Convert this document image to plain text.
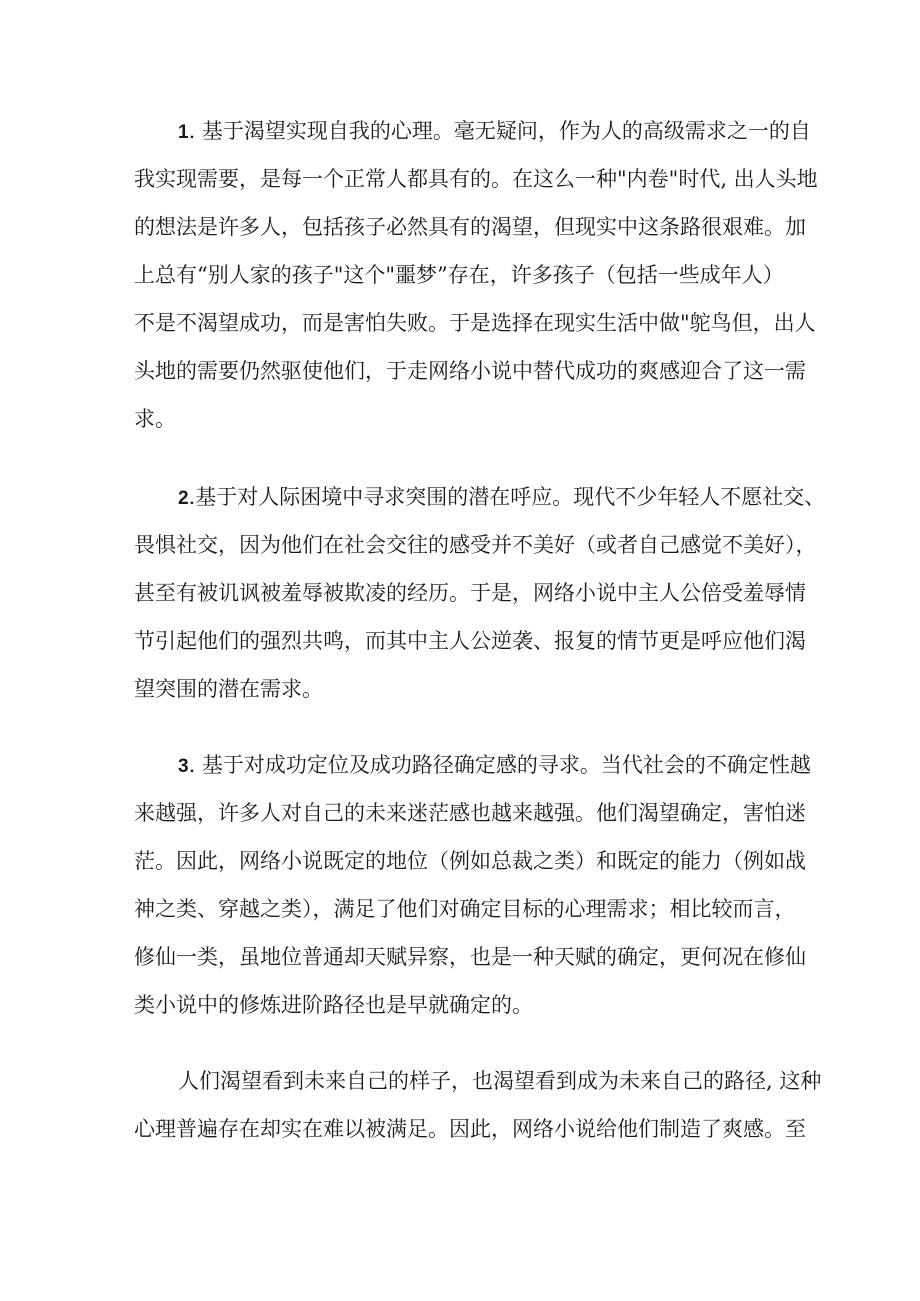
1. 基于渴望实现自我的心理。毫无疑问，作为人的高级需求之一的自
我实现需要，是每一个正常人都具有的。在这么一种"内卷"时代, 出人头地
的想法是许多人，包括孩子必然具有的渴望，但现实中这条路很艰难。加
上总有“别人家的孩子"这个"噩梦”存在，许多孩子（包括一些成年人）
不是不渴望成功，而是害怕失败。于是选择在现实生活中做"鸵鸟但，出人
头地的需要仍然驱使他们，于走网络小说中替代成功的爽感迎合了这一需
求。
2.基于对人际困境中寻求突围的潜在呼应。现代不少年轻人不愿社交、
畏惧社交，因为他们在社会交往的感受并不美好（或者自己感觉不美好），
甚至有被讥讽被羞辱被欺凌的经历。于是，网络小说中主人公倍受羞辱情
节引起他们的强烈共鸣，而其中主人公逆袭、报复的情节更是呼应他们渴
望突围的潜在需求。
3. 基于对成功定位及成功路径确定感的寻求。当代社会的不确定性越
来越强，许多人对自己的未来迷茫感也越来越强。他们渴望确定，害怕迷
茫。因此，网络小说既定的地位（例如总裁之类）和既定的能力（例如战
神之类、穿越之类），满足了他们对确定目标的心理需求；相比较而言，
修仙一类，虽地位普通却天赋异察，也是一种天赋的确定，更何况在修仙
类小说中的修炼进阶路径也是早就确定的。
人们渴望看到未来自己的样子，也渴望看到成为未来自己的路径, 这种
心理普遍存在却实在难以被满足。因此，网络小说给他们制造了爽感。至
